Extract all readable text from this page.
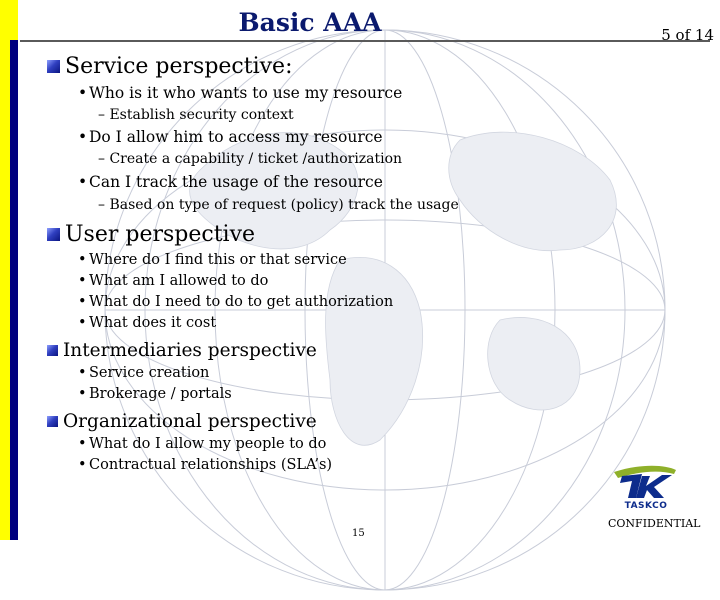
Basic AAA	5 of 14
Service perspective:
• Who is it who wants to use my resource
– Establish security context
• Do I allow him to access my resource
– Create a capability / ticket /authorization
• Can I track the usage of the resource
– Based on type of request (policy) track the usage
User perspective
• Where do I find this or that service
• What am I allowed to do
• What do I need to do to get authorization
• What does it cost
Intermediaries perspective
• Service creation
• Brokerage / portals
Organizational perspective
• What do I allow my people to do
• Contractual relationships (SLA’s)
TASKCO
CONFIDENTIAL
15
